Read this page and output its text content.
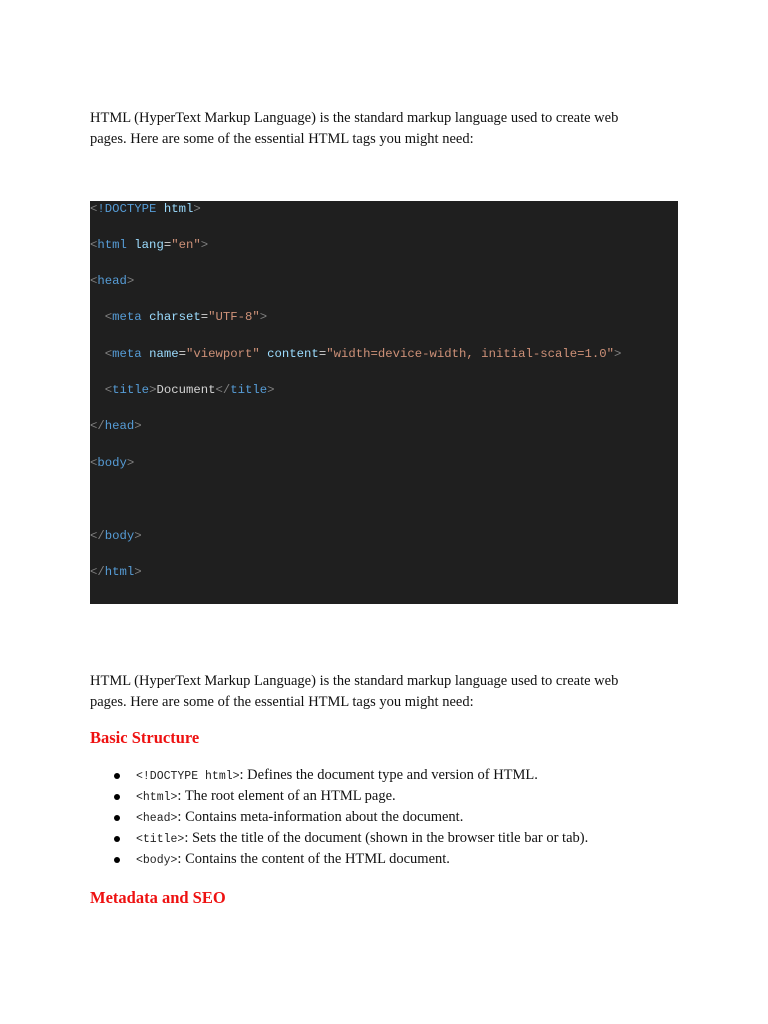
HTML (HyperText Markup Language) is the standard markup language used to create web
pages. Here are some of the essential HTML tags you might need:

<!DOCTYPE html>
<html lang="en">
<head>
<meta charset="UTF-8">
<meta name="viewport" content="width=device-width, initial-scale=1.0">
<title>Document</title>
</head>
<body>
</body>
</html>

HTML (HyperText Markup Language) is the standard markup language used to create web
pages. Here are some of the essential HTML tags you might need:

Basic Structure
<!DOCTYPE html>: Defines the document type and version of HTML.
<html>: The root element of an HTML page.
<head>: Contains meta-information about the document.
<title>: Sets the title of the document (shown in the browser title bar or tab).
<body>: Contains the content of the HTML document.
Metadata and SEO
